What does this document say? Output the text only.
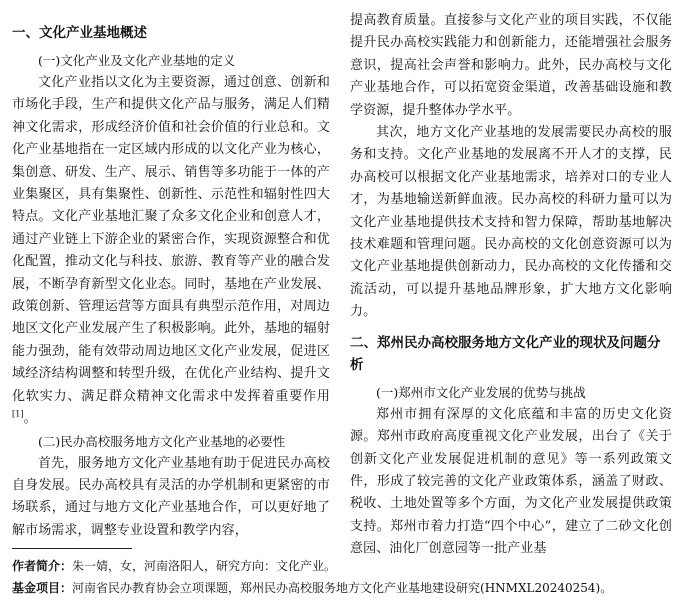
一、文化产业基地概述
(一)文化产业及文化产业基地的定义

文化产业指以文化为主要资源，通过创意、创新和市场化手段，生产和提供文化产品与服务，满足人们精神文化需求，形成经济价值和社会价值的行业总和。文化产业基地指在一定区域内形成的以文化产业为核心，集创意、研发、生产、展示、销售等多功能于一体的产业集聚区，具有集聚性、创新性、示范性和辐射性四大特点。文化产业基地汇聚了众多文化企业和创意人才，通过产业链上下游企业的紧密合作，实现资源整合和优化配置，推动文化与科技、旅游、教育等产业的融合发展，不断孕育新型文化业态。同时，基地在产业发展、政策创新、管理运营等方面具有典型示范作用，对周边地区文化产业发展产生了积极影响。此外，基地的辐射能力强劲，能有效带动周边地区文化产业发展，促进区域经济结构调整和转型升级，在优化产业结构、提升文化软实力、满足群众精神文化需求中发挥着重要作用[1]。

(二)民办高校服务地方文化产业基地的必要性

首先，服务地方文化产业基地有助于促进民办高校自身发展。民办高校具有灵活的办学机制和更紧密的市场联系，通过与地方文化产业基地合作，可以更好地了解市场需求，调整专业设置和教学内容，

提高教育质量。直接参与文化产业的项目实践，不仅能提升民办高校实践能力和创新能力，还能增强社会服务意识，提高社会声誉和影响力。此外，民办高校与文化产业基地合作，可以拓宽资金渠道，改善基础设施和教学资源，提升整体办学水平。

其次，地方文化产业基地的发展需要民办高校的服务和支持。文化产业基地的发展离不开人才的支撑，民办高校可以根据文化产业基地需求，培养对口的专业人才，为基地输送新鲜血液。民办高校的科研力量可以为文化产业基地提供技术支持和智力保障，帮助基地解决技术难题和管理问题。民办高校的文化创意资源可以为文化产业基地提供创新动力，民办高校的文化传播和交流活动，可以提升基地品牌形象，扩大地方文化影响力。

二、郑州民办高校服务地方文化产业的现状及问题分析
(一)郑州市文化产业发展的优势与挑战

郑州市拥有深厚的文化底蕴和丰富的历史文化资源。郑州市政府高度重视文化产业发展，出台了《关于创新文化产业发展促进机制的意见》等一系列政策文件，形成了较完善的文化产业政策体系，涵盖了财政、税收、土地处置等多个方面，为文化产业发展提供政策支持。郑州市着力打造“四个中心”，建立了二砂文化创意园、油化厂创意园等一批产业基

作者简介：朱一婧，女，河南洛阳人，研究方向：文化产业。
基金项目：河南省民办教育协会立项课题，郑州民办高校服务地方文化产业基地建设研究(HNMXL20240254)。
